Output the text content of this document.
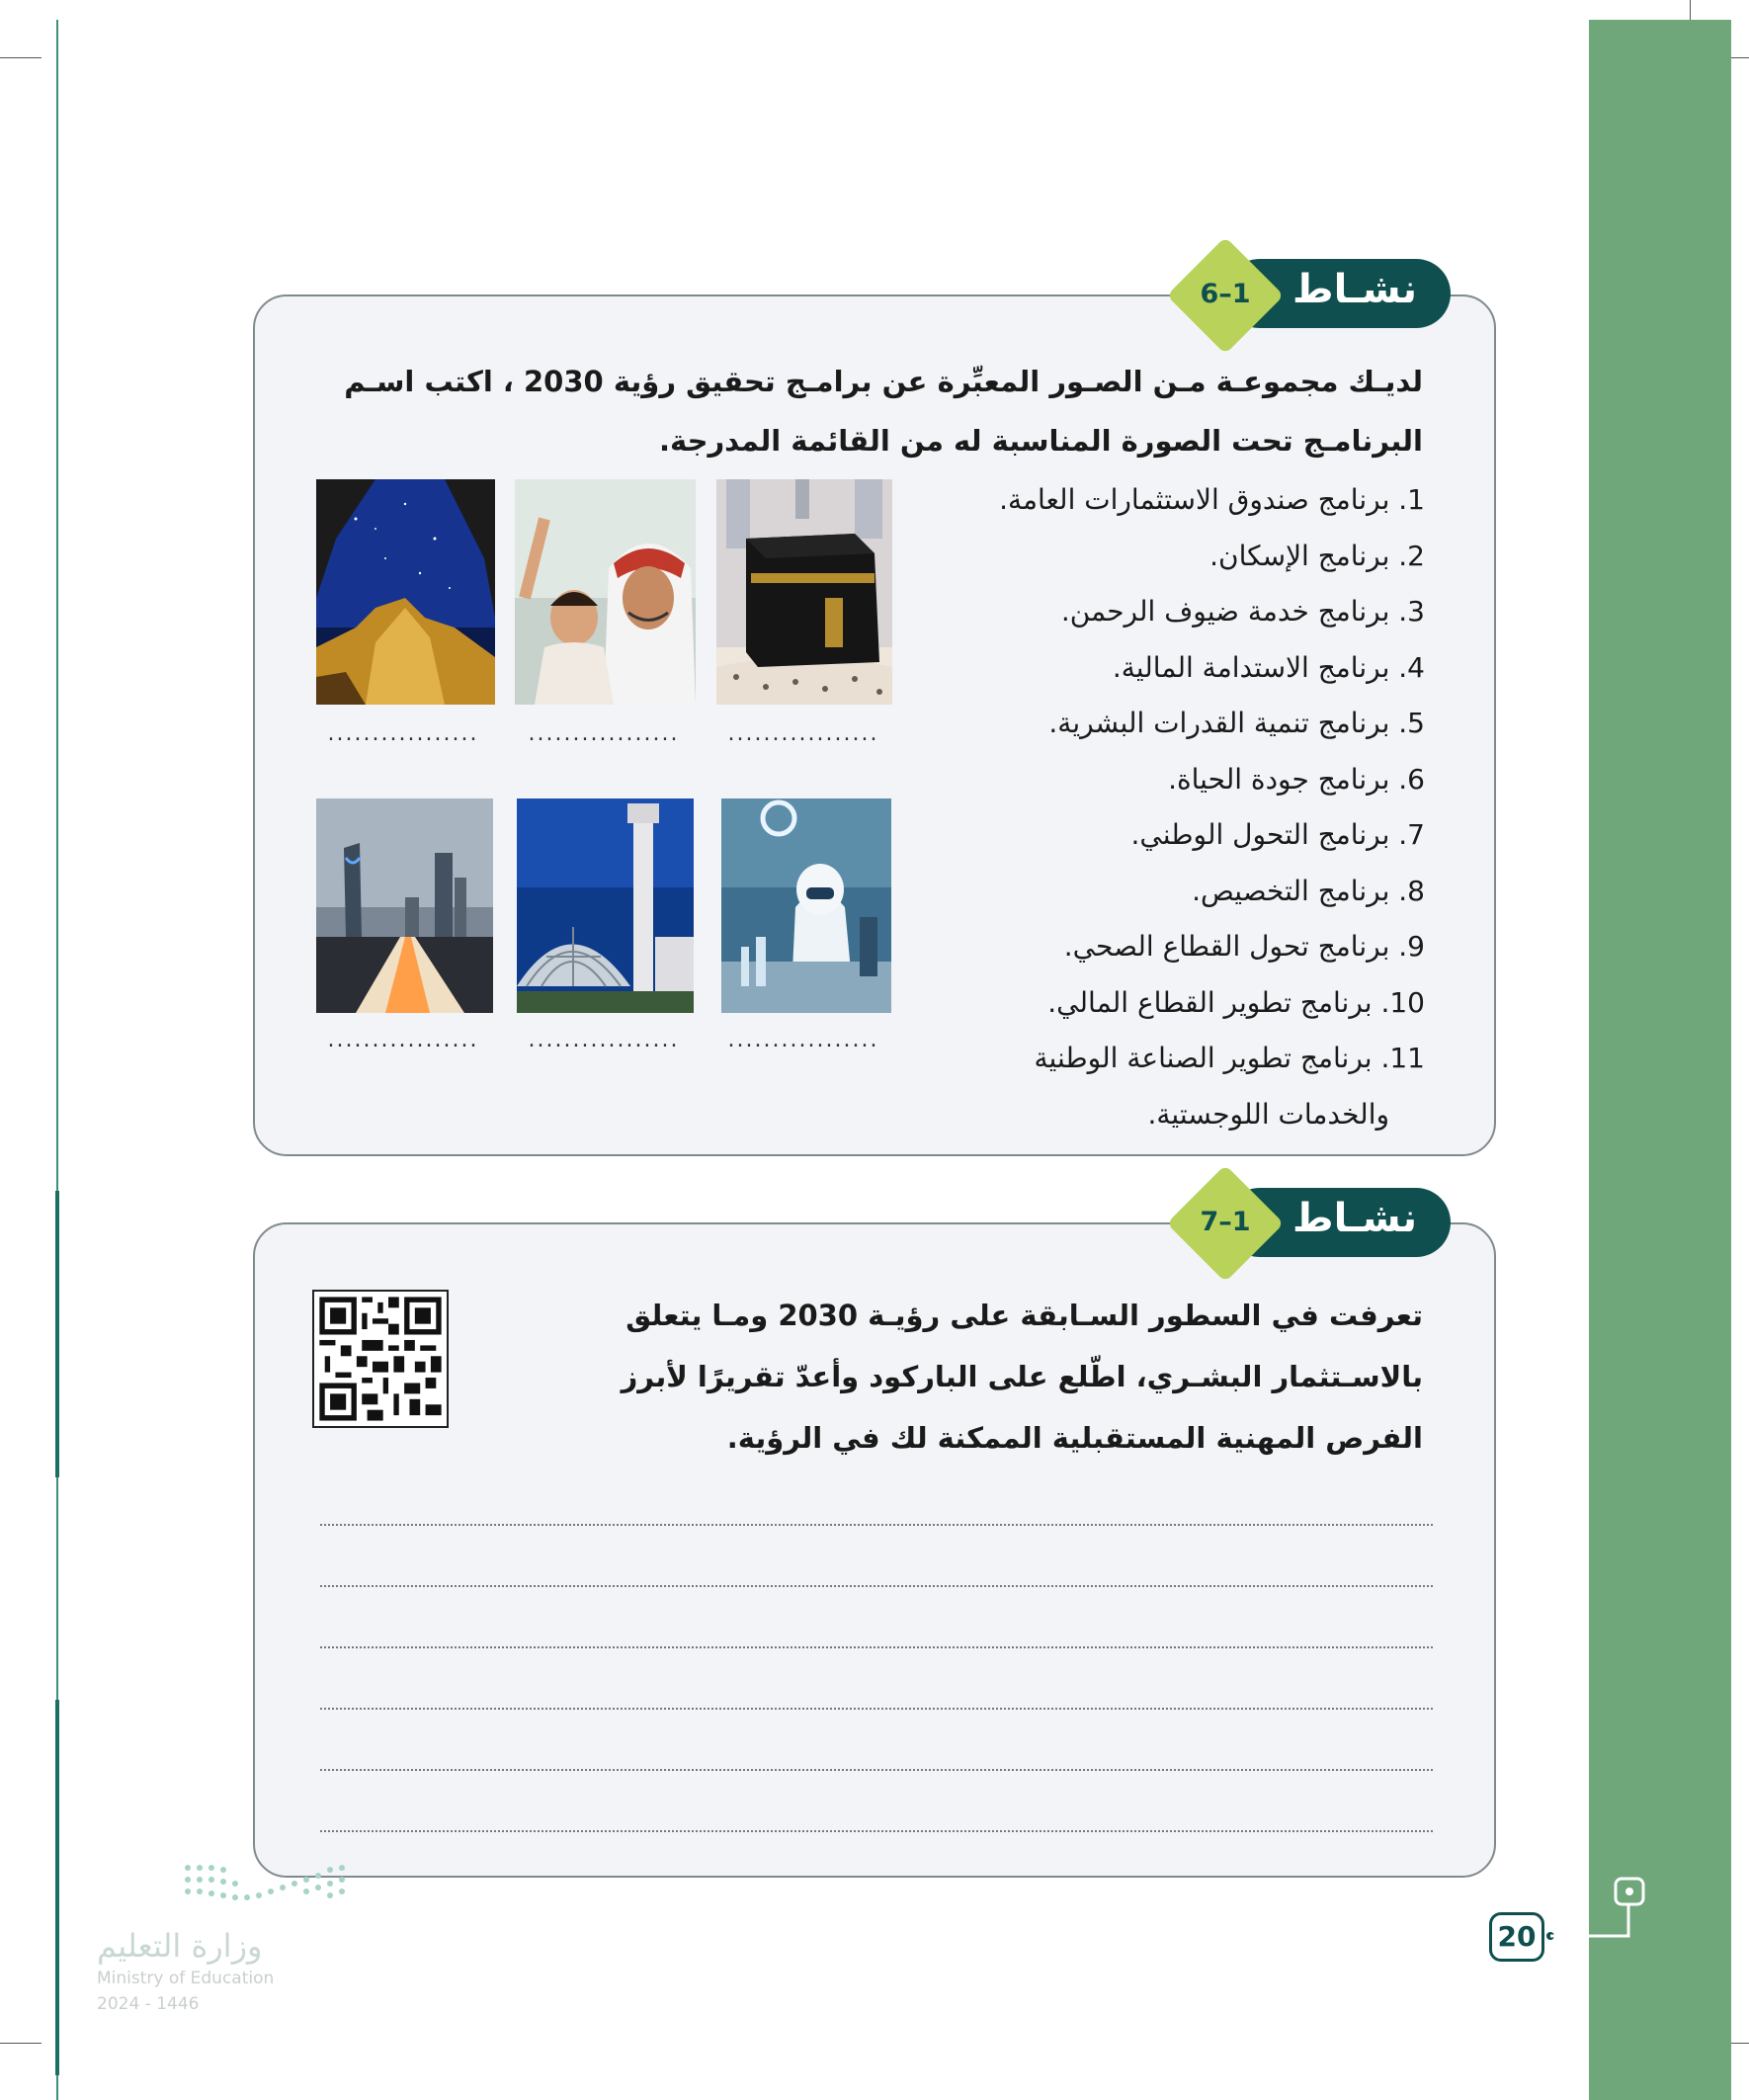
نشـاط
6–1
لديـك مجموعـة مـن الصـور المعبِّرة عن برامـج تحقيق رؤية 2030 ، اكتب اسـم البرنامـج تحت الصورة المناسبة له من القائمة المدرجة.
1. برنامج صندوق الاستثمارات العامة.
2. برنامج الإسكان.
3. برنامج خدمة ضيوف الرحمن.
4. برنامج الاستدامة المالية.
5. برنامج تنمية القدرات البشرية.
6. برنامج جودة الحياة.
7. برنامج التحول الوطني.
8. برنامج التخصيص.
9. برنامج تحول القطاع الصحي.
10. برنامج تطوير القطاع المالي.
11. برنامج تطوير الصناعة الوطنية
والخدمات اللوجستية.
.................	.................	.................
.................	.................	.................
نشـاط
7–1
تعرفت في السطور السـابقة على رؤيـة 2030 ومـا يتعلق بالاسـتثمار البشـري، اطّلع على الباركود وأعدّ تقريرًا لأبرز الفرص المهنية المستقبلية الممكنة لك في الرؤية.
20
وزارة التعليم
Ministry of Education
2024 - 1446
